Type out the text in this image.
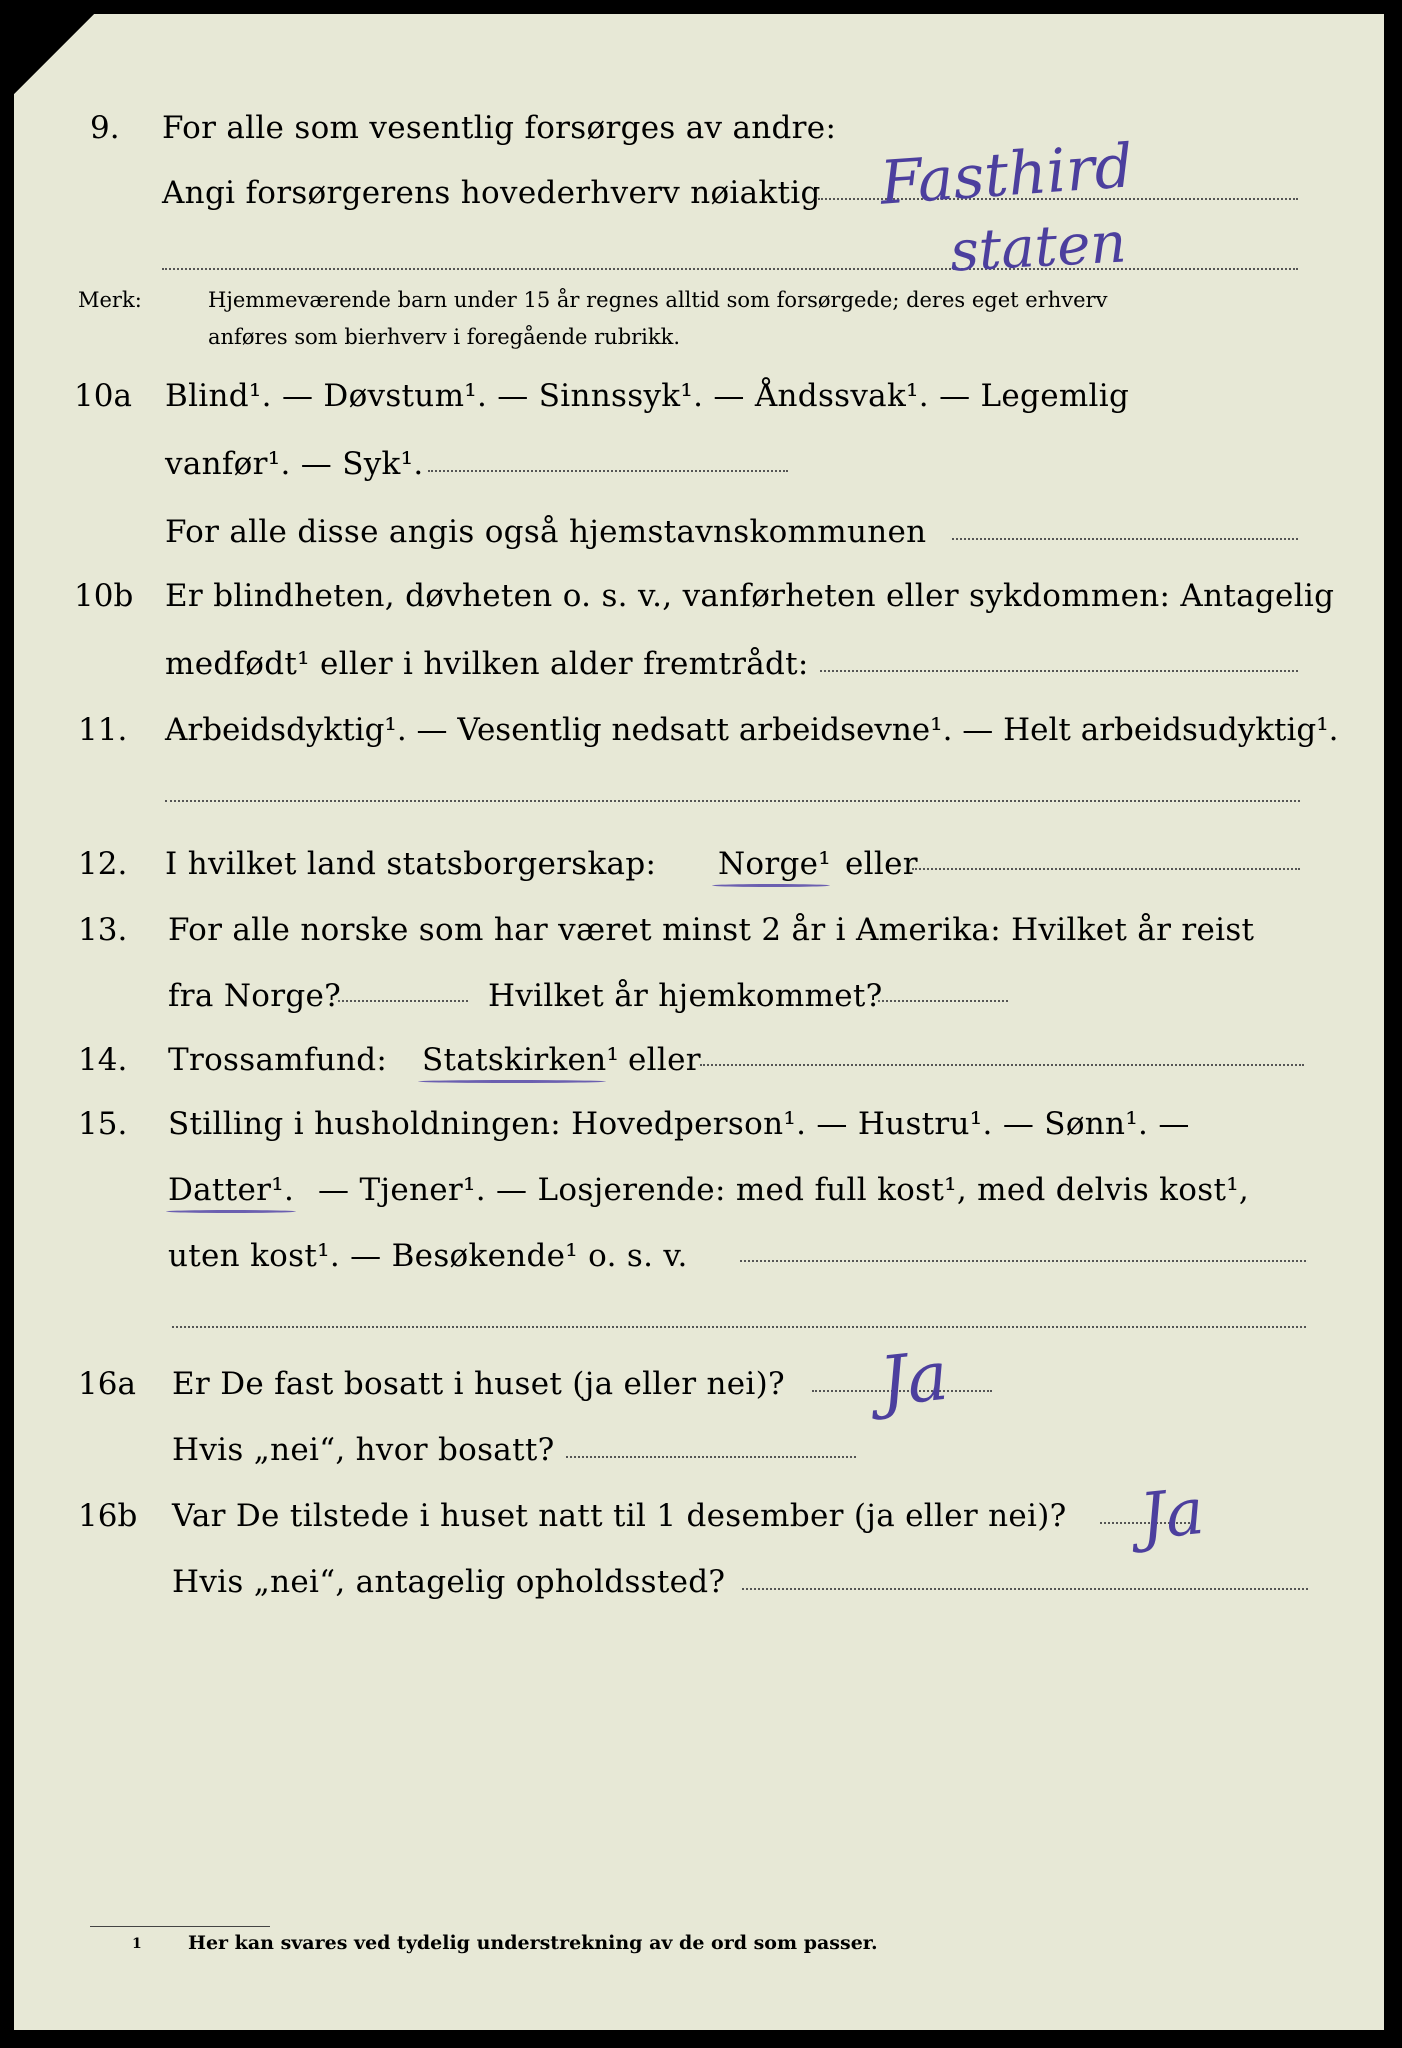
9. For alle som vesentlig forsørges av andre:
Angi forsørgerens hovederhverv nøiaktig Fasthird
staten
Merk:	Hjemmeværende barn under 15 år regnes alltid som forsørgede; deres eget erhverv
anføres som bierhverv i foregående rubrikk.
10a Blind¹. — Døvstum¹. — Sinnssyk¹. — Åndssvak¹. — Legemlig
vanfør¹. — Syk¹.
For alle disse angis også hjemstavnskommunen
10b Er blindheten, døvheten o. s. v., vanførheten eller sykdommen: Antagelig
medfødt¹ eller i hvilken alder fremtrådt:
11. Arbeidsdyktig¹. — Vesentlig nedsatt arbeidsevne¹. — Helt arbeidsudyktig¹.
12. I hvilket land statsborgerskap: Norge¹ eller
13. For alle norske som har været minst 2 år i Amerika: Hvilket år reist
fra Norge?	Hvilket år hjemkommet?
14. Trossamfund: Statskirken¹ eller
15. Stilling i husholdningen: Hovedperson¹. — Hustru¹. — Sønn¹. —
Datter¹. — Tjener¹. — Losjerende: med full kost¹, med delvis kost¹,
uten kost¹. — Besøkende¹ o. s. v.
16a Er De fast bosatt i huset (ja eller nei)? Ja
Hvis „nei“, hvor bosatt?
16b Var De tilstede i huset natt til 1 desember (ja eller nei)? Ja
Hvis „nei“, antagelig opholdssted?
1 Her kan svares ved tydelig understrekning av de ord som passer.
